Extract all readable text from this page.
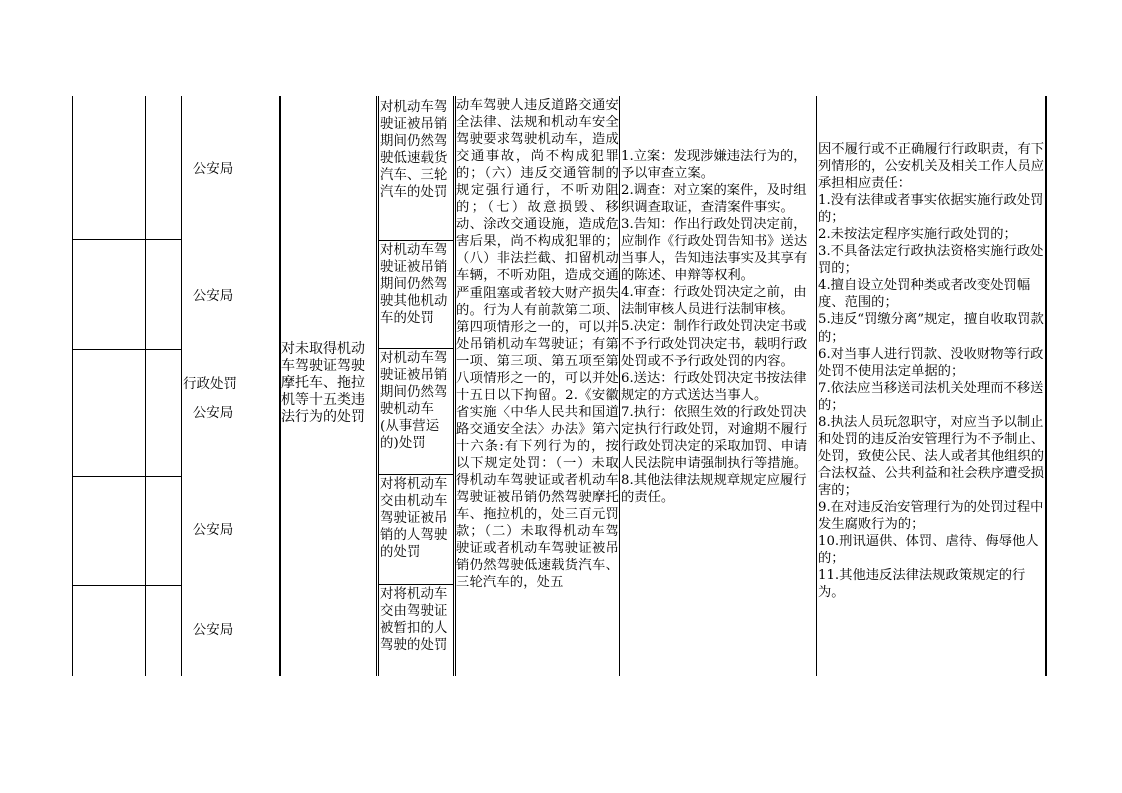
公安局
公安局
公安局
公安局
公安局
行政处罚
对未取得机动车驾驶证驾驶摩托车、拖拉机等十五类违法行为的处罚
对机动车驾驶证被吊销期间仍然驾驶低速载货汽车、三轮汽车的处罚
对机动车驾驶证被吊销期间仍然驾驶其他机动车的处罚
对机动车驾驶证被吊销期间仍然驾驶机动车(从事营运的)处罚
对将机动车交由机动车驾驶证被吊销的人驾驶的处罚
对将机动车交由驾驶证被暂扣的人驾驶的处罚
动车驾驶人违反道路交通安全法律、法规和机动车安全驾驶要求驾驶机动车，造成交通事故，尚不构成犯罪的；（六）违反交通管制的规定强行通行，不听劝阻的；（七）故意损毁、移动、涂改交通设施，造成危害后果，尚不构成犯罪的；（八）非法拦截、扣留机动车辆，不听劝阻，造成交通严重阻塞或者较大财产损失的。行为人有前款第二项、第四项情形之一的，可以并处吊销机动车驾驶证；有第一项、第三项、第五项至第八项情形之一的，可以并处十五日以下拘留。2.《安徽省实施〈中华人民共和国道路交通安全法〉办法》第六十六条:有下列行为的，按以下规定处罚：（一）未取得机动车驾驶证或者机动车驾驶证被吊销仍然驾驶摩托车、拖拉机的，处三百元罚款；（二）未取得机动车驾驶证或者机动车驾驶证被吊销仍然驾驶低速载货汽车、三轮汽车的，处五
1.立案：发现涉嫌违法行为的，予以审查立案。
2.调查：对立案的案件，及时组织调查取证，查清案件事实。
3.告知：作出行政处罚决定前，应制作《行政处罚告知书》送达当事人，告知违法事实及其享有的陈述、申辩等权利。
4.审查：行政处罚决定之前，由法制审核人员进行法制审核。
5.决定：制作行政处罚决定书或不予行政处罚决定书，载明行政处罚或不予行政处罚的内容。
6.送达：行政处罚决定书按法律规定的方式送达当事人。
7.执行：依照生效的行政处罚决定执行行政处罚，对逾期不履行行政处罚决定的采取加罚、申请人民法院申请强制执行等措施。
8.其他法律法规规章规定应履行的责任。
因不履行或不正确履行行政职责，有下列情形的，公安机关及相关工作人员应承担相应责任：
1.没有法律或者事实依据实施行政处罚的；
2.未按法定程序实施行政处罚的；
3.不具备法定行政执法资格实施行政处罚的；
4.擅自设立处罚种类或者改变处罚幅度、范围的；
5.违反“罚缴分离”规定，擅自收取罚款的；
6.对当事人进行罚款、没收财物等行政处罚不使用法定单据的；
7.依法应当移送司法机关处理而不移送的；
8.执法人员玩忽职守，对应当予以制止和处罚的违反治安管理行为不予制止、处罚，致使公民、法人或者其他组织的合法权益、公共利益和社会秩序遭受损害的；
9.在对违反治安管理行为的处罚过程中发生腐败行为的；
10.刑讯逼供、体罚、虐待、侮辱他人的；
11.其他违反法律法规政策规定的行为。
